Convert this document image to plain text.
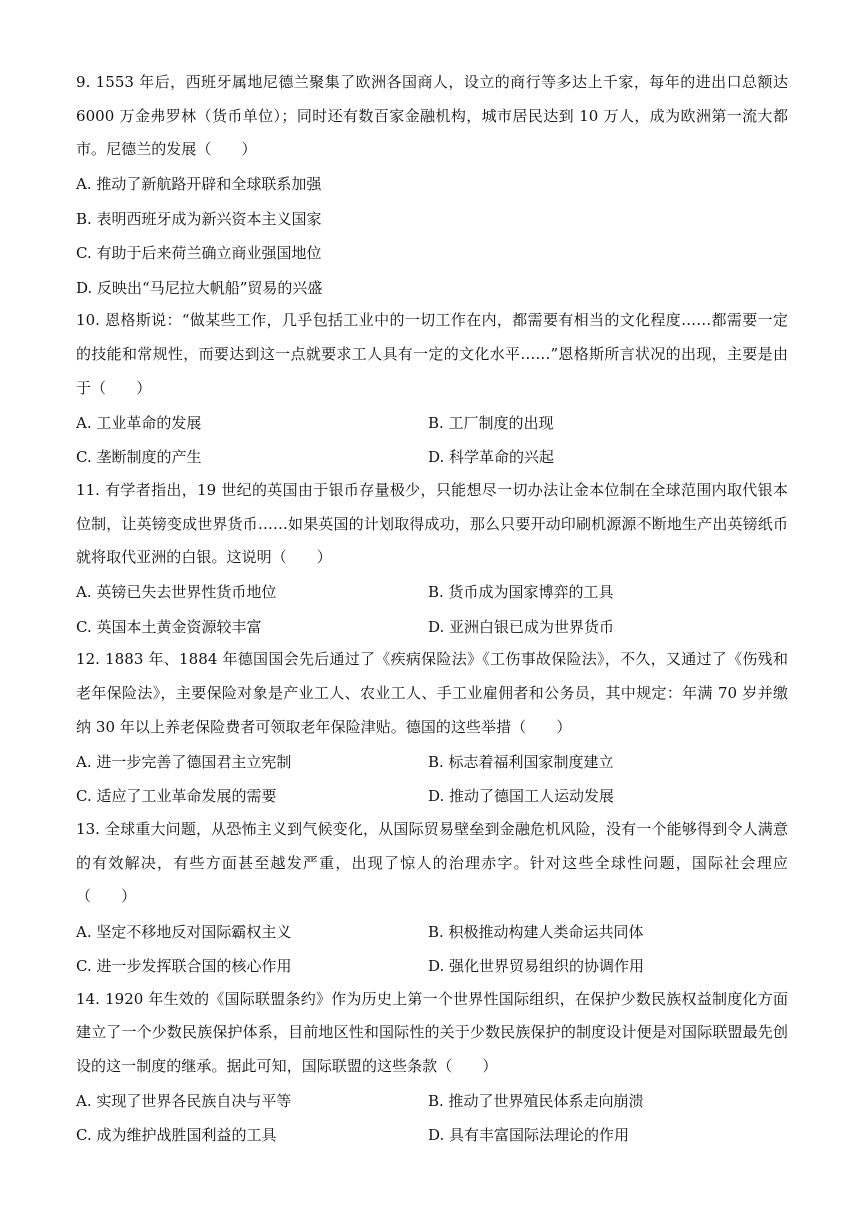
9. 1553 年后，西班牙属地尼德兰聚集了欧洲各国商人，设立的商行等多达上千家，每年的进出口总额达 6000 万金弗罗林（货币单位）；同时还有数百家金融机构，城市居民达到 10 万人，成为欧洲第一流大都市。尼德兰的发展（　　）

A. 推动了新航路开辟和全球联系加强
B. 表明西班牙成为新兴资本主义国家
C. 有助于后来荷兰确立商业强国地位
D. 反映出“马尼拉大帆船”贸易的兴盛

10. 恩格斯说：“做某些工作，几乎包括工业中的一切工作在内，都需要有相当的文化程度……都需要一定的技能和常规性，而要达到这一点就要求工人具有一定的文化水平……”恩格斯所言状况的出现，主要是由于（　　）

A. 工业革命的发展	B. 工厂制度的出现
C. 垄断制度的产生	D. 科学革命的兴起

11. 有学者指出，19 世纪的英国由于银币存量极少，只能想尽一切办法让金本位制在全球范围内取代银本位制，让英镑变成世界货币……如果英国的计划取得成功，那么只要开动印刷机源源不断地生产出英镑纸币就将取代亚洲的白银。这说明（　　）

A. 英镑已失去世界性货币地位	B. 货币成为国家博弈的工具
C. 英国本土黄金资源较丰富	D. 亚洲白银已成为世界货币

12. 1883 年、1884 年德国国会先后通过了《疾病保险法》《工伤事故保险法》，不久，又通过了《伤残和老年保险法》，主要保险对象是产业工人、农业工人、手工业雇佣者和公务员，其中规定：年满 70 岁并缴纳 30 年以上养老保险费者可领取老年保险津贴。德国的这些举措（　　）

A. 进一步完善了德国君主立宪制	B. 标志着福利国家制度建立
C. 适应了工业革命发展的需要	D. 推动了德国工人运动发展

13. 全球重大问题，从恐怖主义到气候变化，从国际贸易壁垒到金融危机风险，没有一个能够得到令人满意的有效解决，有些方面甚至越发严重，出现了惊人的治理赤字。针对这些全球性问题，国际社会理应（　　）

A. 坚定不移地反对国际霸权主义	B. 积极推动构建人类命运共同体
C. 进一步发挥联合国的核心作用	D. 强化世界贸易组织的协调作用

14. 1920 年生效的《国际联盟条约》作为历史上第一个世界性国际组织，在保护少数民族权益制度化方面建立了一个少数民族保护体系，目前地区性和国际性的关于少数民族保护的制度设计便是对国际联盟最先创设的这一制度的继承。据此可知，国际联盟的这些条款（　　）

A. 实现了世界各民族自决与平等	B. 推动了世界殖民体系走向崩溃
C. 成为维护战胜国利益的工具	D. 具有丰富国际法理论的作用
